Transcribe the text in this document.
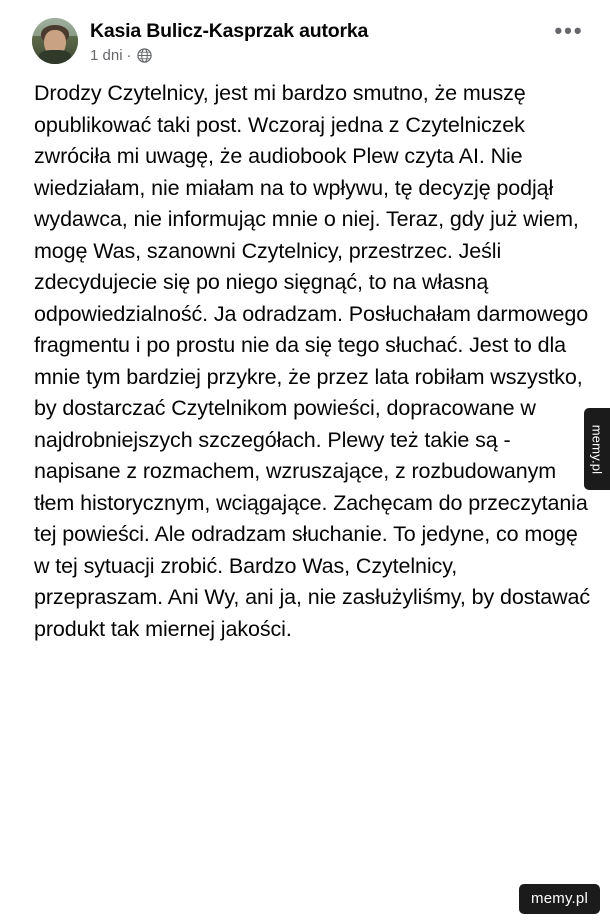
Kasia Bulicz-Kasprzak autorka
1 dni ·
•••

Drodzy Czytelnicy, jest mi bardzo smutno, że muszę opublikować taki post. Wczoraj jedna z Czytelniczek zwróciła mi uwagę, że audiobook Plew czyta AI. Nie wiedziałam, nie miałam na to wpływu, tę decyzję podjął wydawca, nie informując mnie o niej. Teraz, gdy już wiem, mogę Was, szanowni Czytelnicy, przestrzec. Jeśli zdecydujecie się po niego sięgnąć, to na własną odpowiedzialność. Ja odradzam. Posłuchałam darmowego fragmentu i po prostu nie da się tego słuchać. Jest to dla mnie tym bardziej przykre, że przez lata robiłam wszystko, by dostarczać Czytelnikom powieści, dopracowane w najdrobniejszych szczegółach. Plewy też takie są - napisane z rozmachem, wzruszające, z rozbudowanym tłem historycznym, wciągające. Zachęcam do przeczytania tej powieści. Ale odradzam słuchanie. To jedyne, co mogę w tej sytuacji zrobić. Bardzo Was, Czytelnicy, przepraszam. Ani Wy, ani ja, nie zasłużyliśmy, by dostawać produkt tak miernej jakości.

memy.pl
memy.pl
